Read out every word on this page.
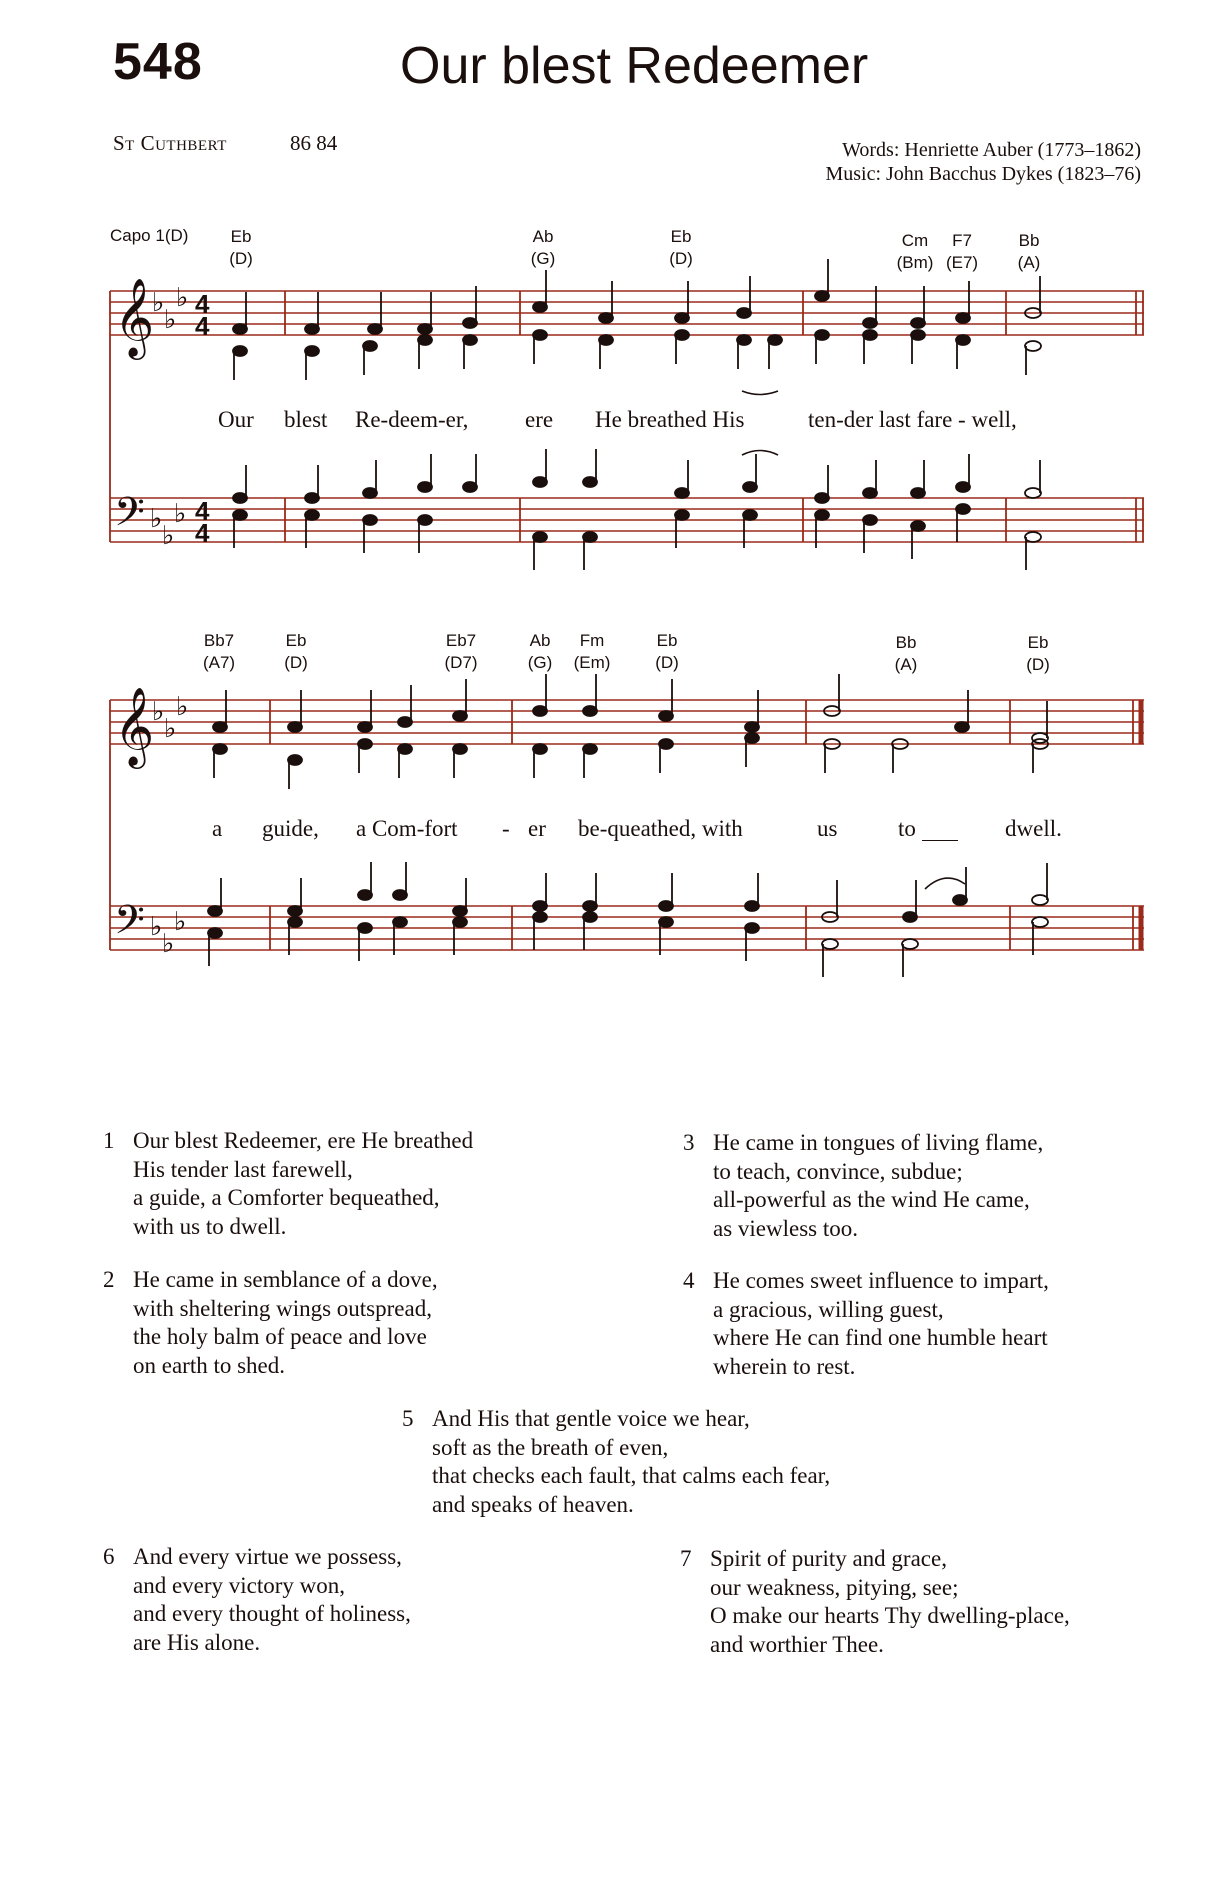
548	Our blest Redeemer
St Cuthbert	86 84	Words: Henriette Auber (1773–1862)
Music: John Bacchus Dykes (1823–76)
Capo 1(D) Eb
(D)
Ab
(G)
Eb
(D)
Cm
(Bm)
F7
(E7)
Bb
(A)
Bb7
(A7)
Eb
(D)
Eb7
(D7)
Ab
(G)
Fm
(Em)
Eb
(D)
Bb
(A)
Eb
(D)
𝄞
𝄢
𝄞
𝄢
♭
♭
♭
♭
♭
♭
♭
♭
♭
♭
♭
♭
4
4
4
4
Our blest Re-deem-er, ere He breathed His	ten-der last fare - well,
a guide, a Com-fort - er be-queathed, with	us	to	dwell.
1 Our blest Redeemer, ere He breathed
His tender last farewell,
a guide, a Comforter bequeathed,
with us to dwell.
2 He came in semblance of a dove,
with sheltering wings outspread,
the holy balm of peace and love
on earth to shed.
3 He came in tongues of living flame,
to teach, convince, subdue;
all-powerful as the wind He came,
as viewless too.
4 He comes sweet influence to impart,
a gracious, willing guest,
where He can find one humble heart
wherein to rest.
5 And His that gentle voice we hear,
soft as the breath of even,
that checks each fault, that calms each fear,
and speaks of heaven.
6 And every virtue we possess,
and every victory won,
and every thought of holiness,
are His alone.
7 Spirit of purity and grace,
our weakness, pitying, see;
O make our hearts Thy dwelling-place,
and worthier Thee.
